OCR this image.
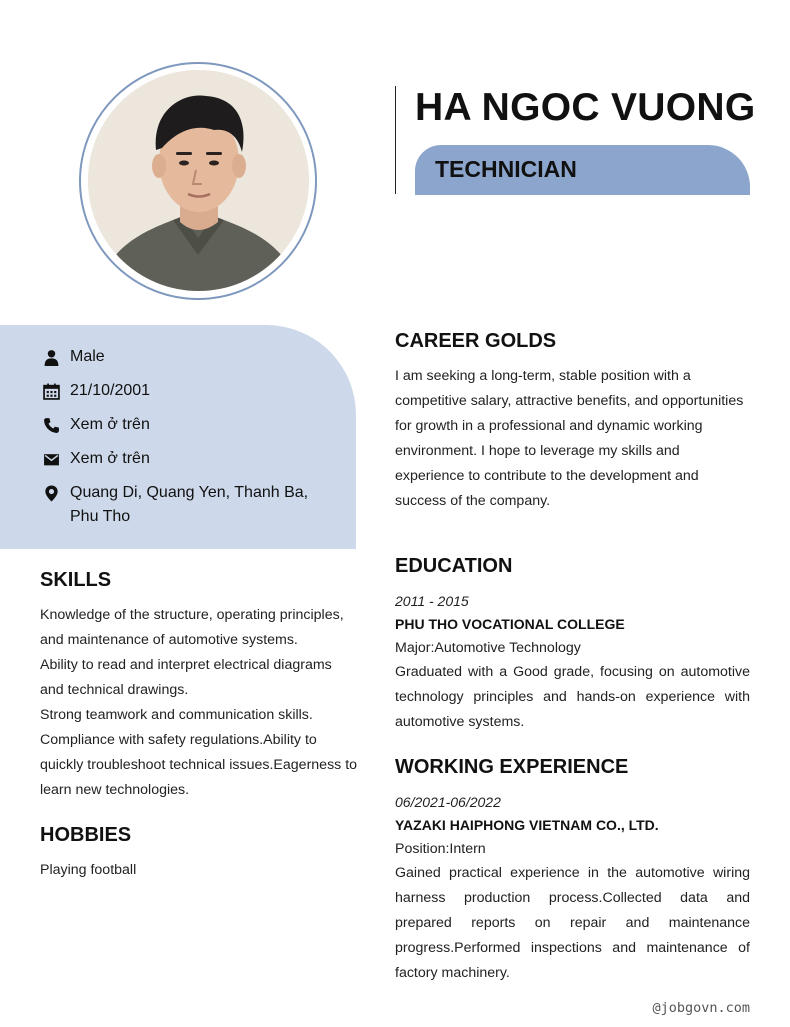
HA NGOC VUONG
TECHNICIAN
Male
21/10/2001
Xem ở trên
Xem ở trên
Quang Di, Quang Yen, Thanh Ba,
Phu Tho
SKILLS
Knowledge of the structure, operating principles, and maintenance of automotive systems.
Ability to read and interpret electrical diagrams and technical drawings.
Strong teamwork and communication skills.
Compliance with safety regulations.Ability to quickly troubleshoot technical issues.Eagerness to learn new technologies.
HOBBIES
Playing football
CAREER GOLDS
I am seeking a long-term, stable position with a competitive salary, attractive benefits, and opportunities for growth in a professional and dynamic working environment. I hope to leverage my skills and experience to contribute to the development and success of the company.
EDUCATION
2011 - 2015
PHU THO VOCATIONAL COLLEGE
Major:Automotive Technology
Graduated with a Good grade, focusing on automotive technology principles and hands-on experience with automotive systems.
WORKING EXPERIENCE
06/2021-06/2022
YAZAKI HAIPHONG VIETNAM CO., LTD.
Position:Intern
Gained practical experience in the automotive wiring harness production process.Collected data and prepared reports on repair and maintenance progress.Performed inspections and maintenance of factory machinery.
@jobgovn.com
